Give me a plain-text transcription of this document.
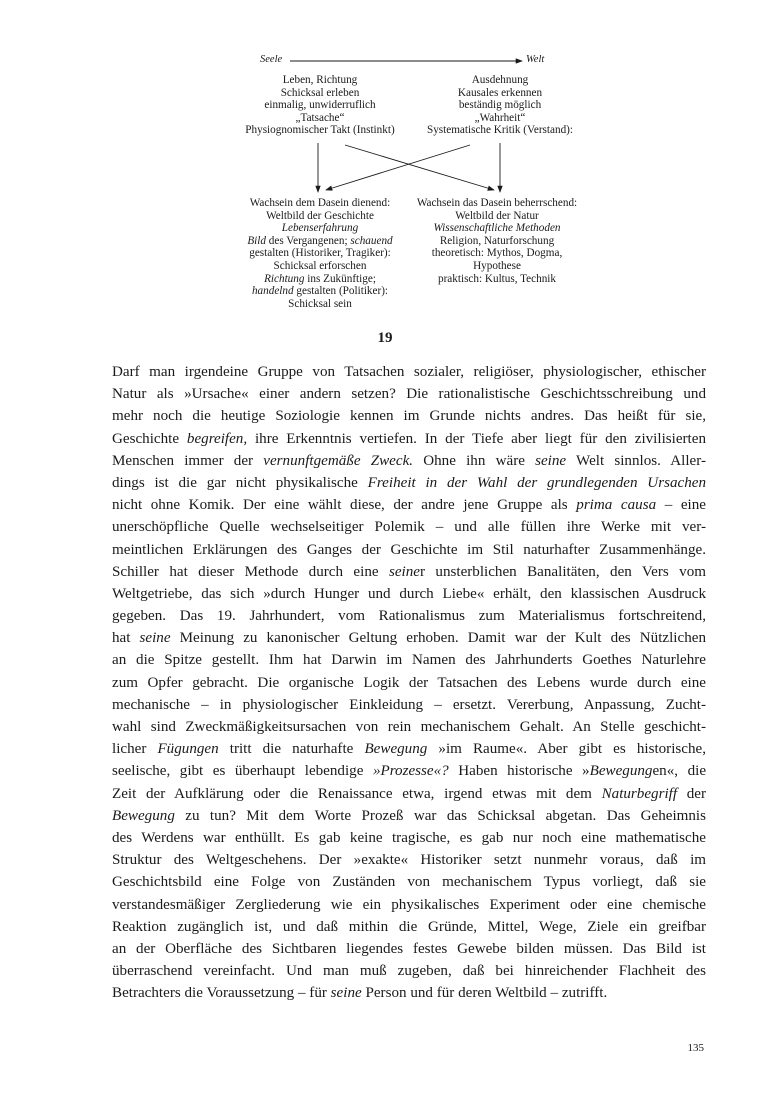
Seele	Welt
Leben, Richtung
Schicksal erleben
einmalig, unwiderruflich
„Tatsache“
Physiognomischer Takt (Instinkt)
Ausdehnung
Kausales erkennen
beständig möglich
„Wahrheit“
Systematische Kritik (Verstand):
Wachsein dem Dasein dienend:
Weltbild der Geschichte
Lebenserfahrung
Bild des Vergangenen; schauend
gestalten (Historiker, Tragiker):
Schicksal erforschen
Richtung ins Zukünftige;
handelnd gestalten (Politiker):
Schicksal sein
Wachsein das Dasein beherrschend:
Weltbild der Natur
Wissenschaftliche Methoden
Religion, Naturforschung
theoretisch: Mythos, Dogma,
Hypothese
praktisch: Kultus, Technik
19
Darf man irgendeine Gruppe von Tatsachen sozialer, religiöser, physiologischer, ethischer
Natur als »Ursache« einer andern setzen? Die rationalistische Geschichtsschreibung und
mehr noch die heutige Soziologie kennen im Grunde nichts andres. Das heißt für sie,
Geschichte begreifen, ihre Erkenntnis vertiefen. In der Tiefe aber liegt für den zivilisierten
Menschen immer der vernunftgemäße Zweck. Ohne ihn wäre seine Welt sinnlos. Aller-
dings ist die gar nicht physikalische Freiheit in der Wahl der grundlegenden Ursachen
nicht ohne Komik. Der eine wählt diese, der andre jene Gruppe als prima causa – eine
unerschöpfliche Quelle wechselseitiger Polemik – und alle füllen ihre Werke mit ver-
meintlichen Erklärungen des Ganges der Geschichte im Stil naturhafter Zusammenhänge.
Schiller hat dieser Methode durch eine seiner unsterblichen Banalitäten, den Vers vom
Weltgetriebe, das sich »durch Hunger und durch Liebe« erhält, den klassischen Ausdruck
gegeben. Das 19. Jahrhundert, vom Rationalismus zum Materialismus fortschreitend,
hat seine Meinung zu kanonischer Geltung erhoben. Damit war der Kult des Nützlichen
an die Spitze gestellt. Ihm hat Darwin im Namen des Jahrhunderts Goethes Naturlehre
zum Opfer gebracht. Die organische Logik der Tatsachen des Lebens wurde durch eine
mechanische – in physiologischer Einkleidung – ersetzt. Vererbung, Anpassung, Zucht-
wahl sind Zweckmäßigkeitsursachen von rein mechanischem Gehalt. An Stelle geschicht-
licher Fügungen tritt die naturhafte Bewegung »im Raume«. Aber gibt es historische,
seelische, gibt es überhaupt lebendige »Prozesse«? Haben historische »Bewegungen«, die
Zeit der Aufklärung oder die Renaissance etwa, irgend etwas mit dem Naturbegriff der
Bewegung zu tun? Mit dem Worte Prozeß war das Schicksal abgetan. Das Geheimnis
des Werdens war enthüllt. Es gab keine tragische, es gab nur noch eine mathematische
Struktur des Weltgeschehens. Der »exakte« Historiker setzt nunmehr voraus, daß im
Geschichtsbild eine Folge von Zuständen von mechanischem Typus vorliegt, daß sie
verstandesmäßiger Zergliederung wie ein physikalisches Experiment oder eine chemische
Reaktion zugänglich ist, und daß mithin die Gründe, Mittel, Wege, Ziele ein greifbar
an der Oberfläche des Sichtbaren liegendes festes Gewebe bilden müssen. Das Bild ist
überraschend vereinfacht. Und man muß zugeben, daß bei hinreichender Flachheit des
Betrachters die Voraussetzung – für seine Person und für deren Weltbild – zutrifft.
135
